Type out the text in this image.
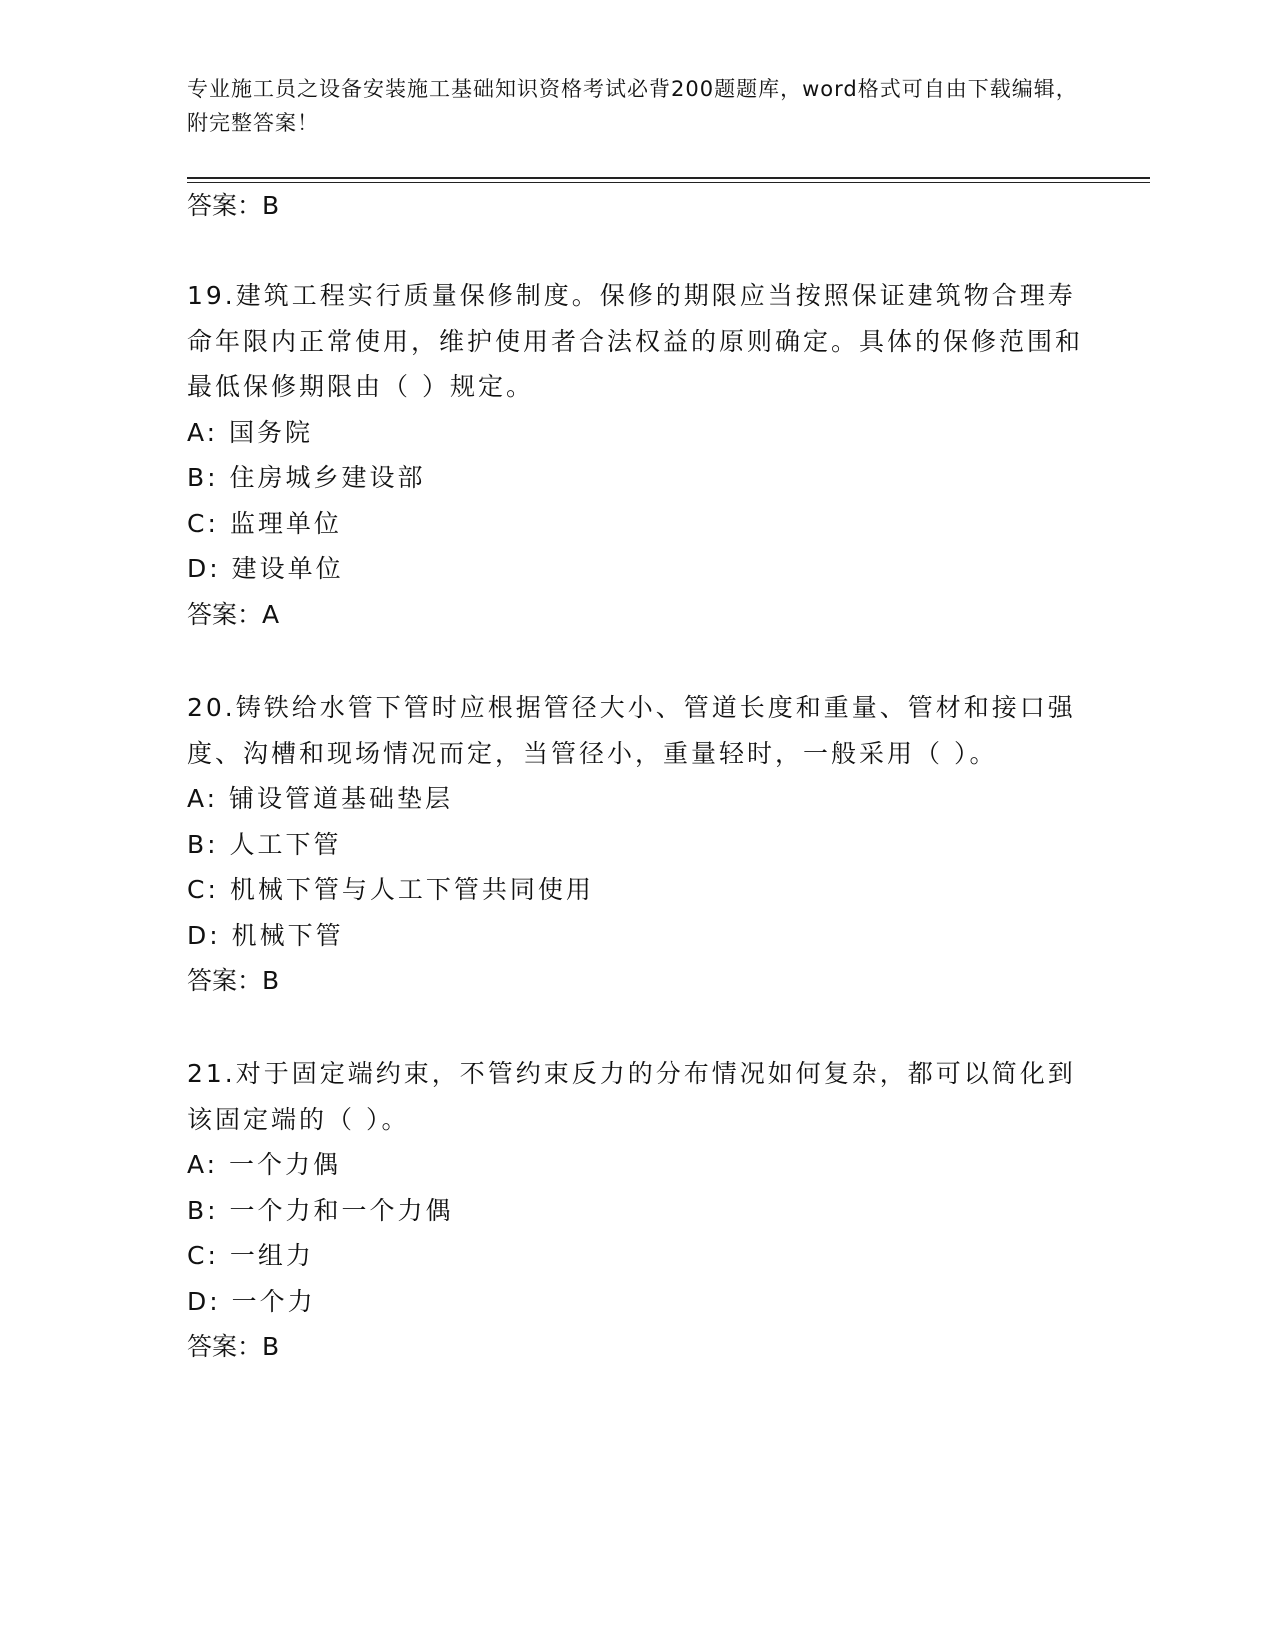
专业施工员之设备安装施工基础知识资格考试必背200题题库，word格式可自由下载编辑，附完整答案！

答案：B

19.建筑工程实行质量保修制度。保修的期限应当按照保证建筑物合理寿命年限内正常使用，维护使用者合法权益的原则确定。具体的保修范围和最低保修期限由（ ）规定。

A: 国务院

B: 住房城乡建设部

C: 监理单位

D: 建设单位

答案：A

20.铸铁给水管下管时应根据管径大小、管道长度和重量、管材和接口强度、沟槽和现场情况而定，当管径小，重量轻时，一般采用（ ）。

A: 铺设管道基础垫层

B: 人工下管

C: 机械下管与人工下管共同使用

D: 机械下管

答案：B

21.对于固定端约束，不管约束反力的分布情况如何复杂，都可以简化到该固定端的（ ）。

A: 一个力偶

B: 一个力和一个力偶

C: 一组力

D: 一个力

答案：B
